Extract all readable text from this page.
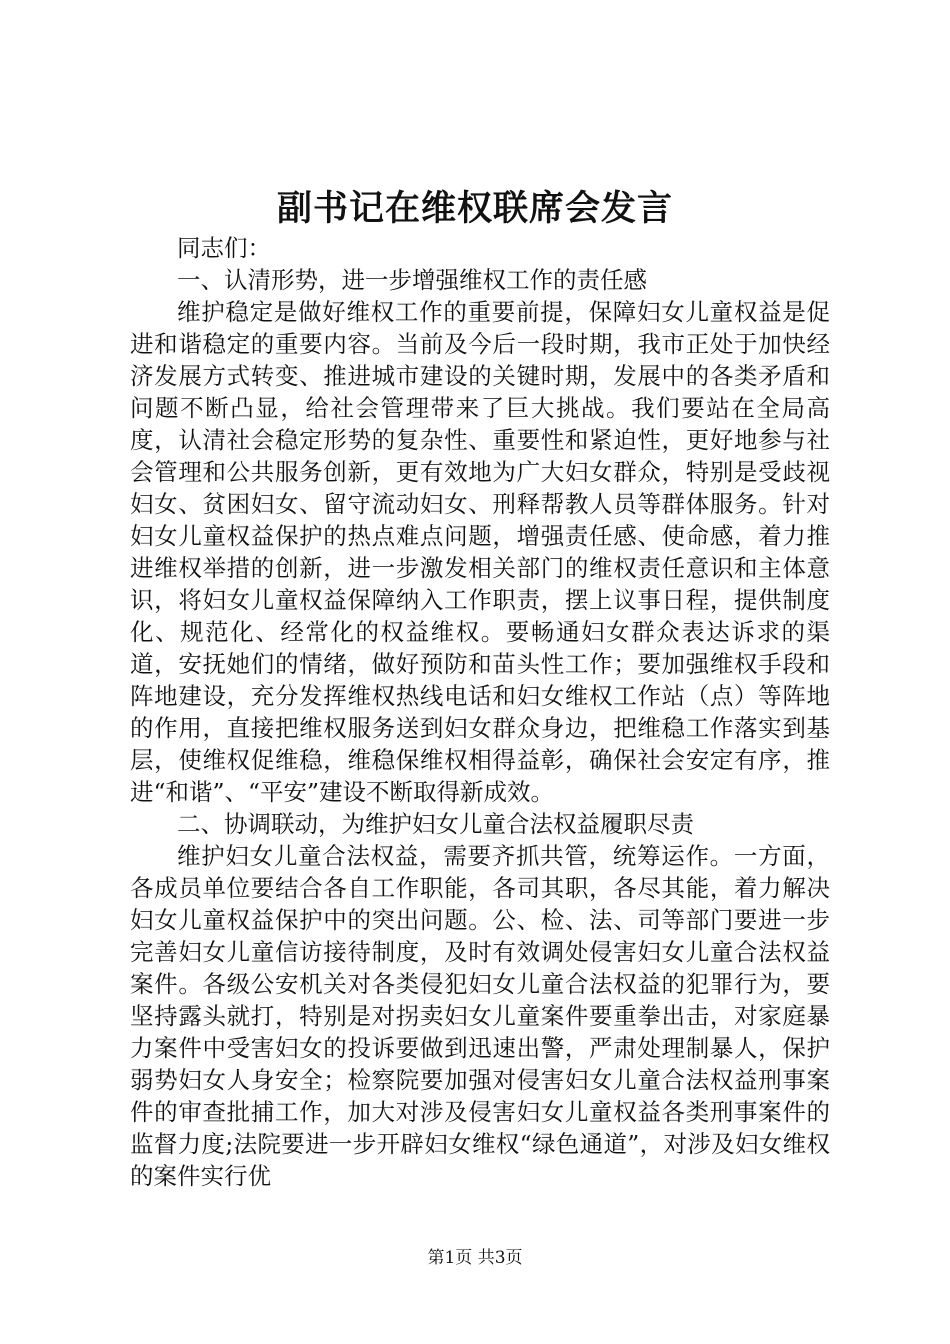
副书记在维权联席会发言

同志们：

一、认清形势，进一步增强维权工作的责任感

维护稳定是做好维权工作的重要前提，保障妇女儿童权益是促进和谐稳定的重要内容。当前及今后一段时期，我市正处于加快经济发展方式转变、推进城市建设的关键时期，发展中的各类矛盾和问题不断凸显，给社会管理带来了巨大挑战。我们要站在全局高度，认清社会稳定形势的复杂性、重要性和紧迫性，更好地参与社会管理和公共服务创新，更有效地为广大妇女群众，特别是受歧视妇女、贫困妇女、留守流动妇女、刑释帮教人员等群体服务。针对妇女儿童权益保护的热点难点问题，增强责任感、使命感，着力推进维权举措的创新，进一步激发相关部门的维权责任意识和主体意识，将妇女儿童权益保障纳入工作职责，摆上议事日程，提供制度化、规范化、经常化的权益维权。要畅通妇女群众表达诉求的渠道，安抚她们的情绪，做好预防和苗头性工作；要加强维权手段和阵地建设，充分发挥维权热线电话和妇女维权工作站（点）等阵地的作用，直接把维权服务送到妇女群众身边，把维稳工作落实到基层，使维权促维稳，维稳保维权相得益彰，确保社会安定有序，推进“和谐”、“平安”建设不断取得新成效。

二、协调联动，为维护妇女儿童合法权益履职尽责

维护妇女儿童合法权益，需要齐抓共管，统筹运作。一方面，各成员单位要结合各自工作职能，各司其职，各尽其能，着力解决妇女儿童权益保护中的突出问题。公、检、法、司等部门要进一步完善妇女儿童信访接待制度，及时有效调处侵害妇女儿童合法权益案件。各级公安机关对各类侵犯妇女儿童合法权益的犯罪行为，要坚持露头就打，特别是对拐卖妇女儿童案件要重拳出击，对家庭暴力案件中受害妇女的投诉要做到迅速出警，严肃处理制暴人，保护弱势妇女人身安全；检察院要加强对侵害妇女儿童合法权益刑事案件的审查批捕工作，加大对涉及侵害妇女儿童权益各类刑事案件的监督力度;法院要进一步开辟妇女维权“绿色通道”，对涉及妇女维权的案件实行优

第1页 共3页
